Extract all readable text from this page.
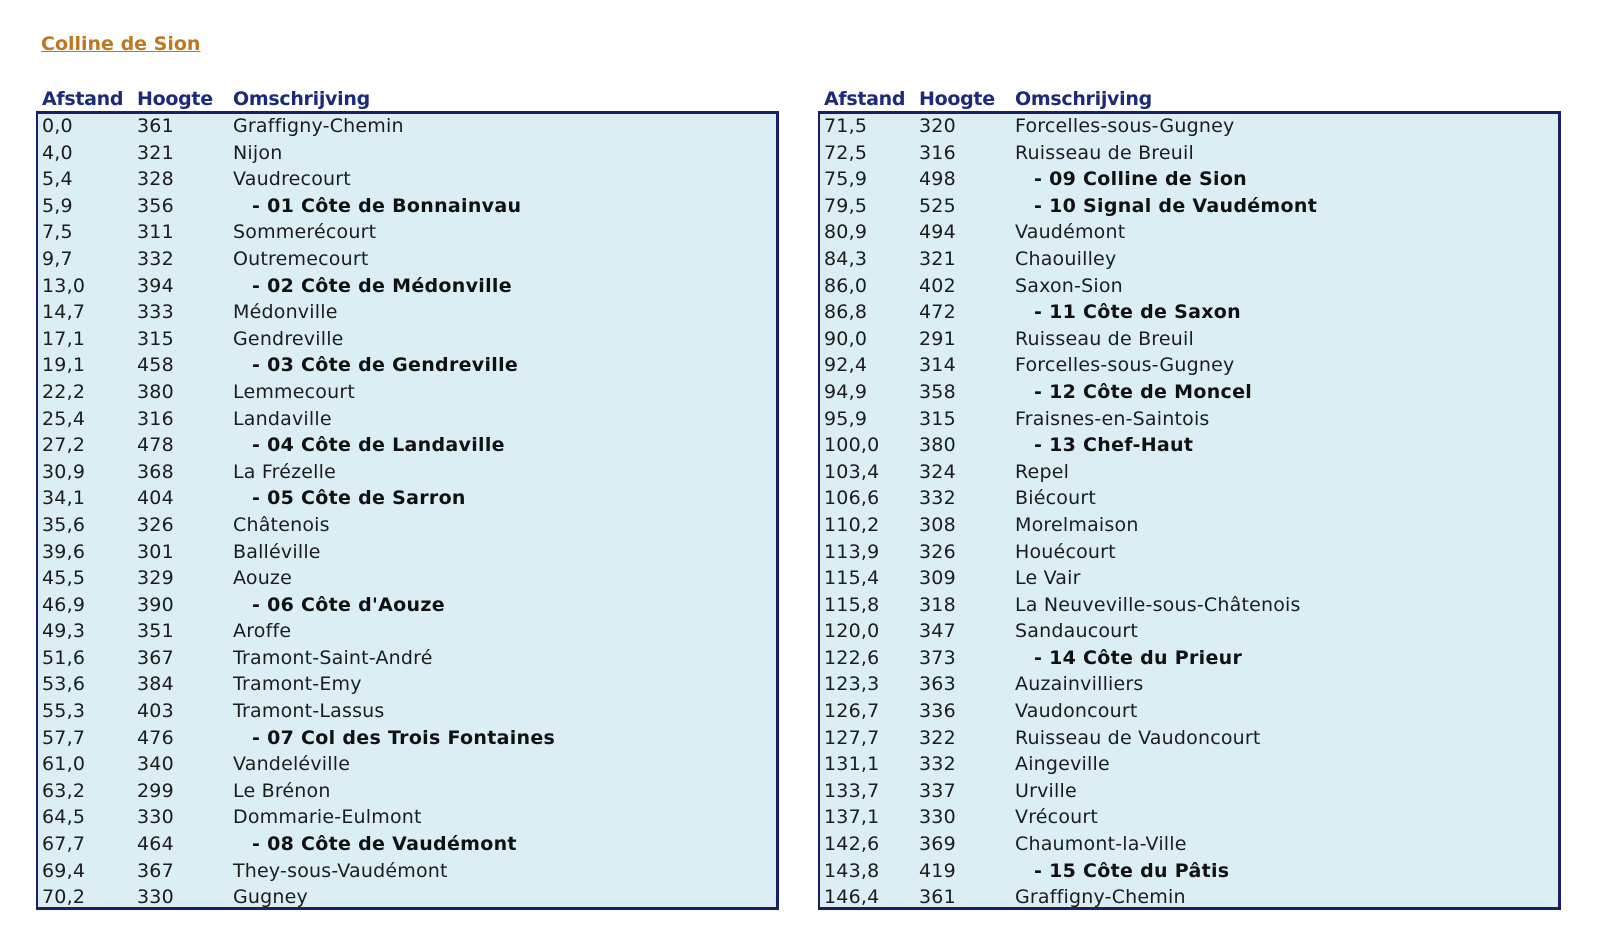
Colline de Sion
Afstand Hoogte Omschrijving
0,0	361	Graffigny-Chemin
4,0	321	Nijon
5,4	328	Vaudrecourt
5,9	356	- 01 Côte de Bonnainvau
7,5	311	Sommerécourt
9,7	332	Outremecourt
13,0	394	- 02 Côte de Médonville
14,7	333	Médonville
17,1	315	Gendreville
19,1	458	- 03 Côte de Gendreville
22,2	380	Lemmecourt
25,4	316	Landaville
27,2	478	- 04 Côte de Landaville
30,9	368	La Frézelle
34,1	404	- 05 Côte de Sarron
35,6	326	Châtenois
39,6	301	Balléville
45,5	329	Aouze
46,9	390	- 06 Côte d'Aouze
49,3	351	Aroffe
51,6	367	Tramont-Saint-André
53,6	384	Tramont-Emy
55,3	403	Tramont-Lassus
57,7	476	- 07 Col des Trois Fontaines
61,0	340	Vandeléville
63,2	299	Le Brénon
64,5	330	Dommarie-Eulmont
67,7	464	- 08 Côte de Vaudémont
69,4	367	They-sous-Vaudémont
70,2	330	Gugney
Afstand Hoogte Omschrijving
71,5	320	Forcelles-sous-Gugney
72,5	316	Ruisseau de Breuil
75,9	498	- 09 Colline de Sion
79,5	525	- 10 Signal de Vaudémont
80,9	494	Vaudémont
84,3	321	Chaouilley
86,0	402	Saxon-Sion
86,8	472	- 11 Côte de Saxon
90,0	291	Ruisseau de Breuil
92,4	314	Forcelles-sous-Gugney
94,9	358	- 12 Côte de Moncel
95,9	315	Fraisnes-en-Saintois
100,0 380	- 13 Chef-Haut
103,4 324	Repel
106,6 332	Biécourt
110,2 308	Morelmaison
113,9 326	Houécourt
115,4 309	Le Vair
115,8 318	La Neuveville-sous-Châtenois
120,0 347	Sandaucourt
122,6 373	- 14 Côte du Prieur
123,3 363	Auzainvilliers
126,7 336	Vaudoncourt
127,7 322	Ruisseau de Vaudoncourt
131,1 332	Aingeville
133,7 337	Urville
137,1 330	Vrécourt
142,6 369	Chaumont-la-Ville
143,8 419	- 15 Côte du Pâtis
146,4 361	Graffigny-Chemin
